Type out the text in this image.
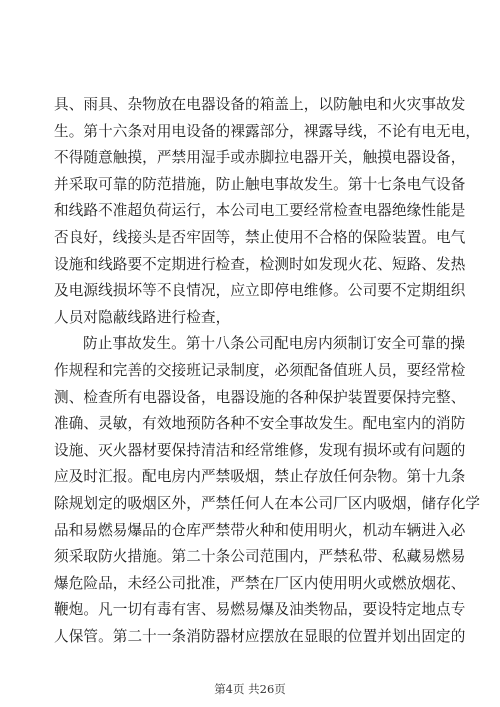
具、雨具、杂物放在电器设备的箱盖上，以防触电和火灾事故发
生。第十六条对用电设备的裸露部分，裸露导线，不论有电无电，
不得随意触摸，严禁用湿手或赤脚拉电器开关，触摸电器设备，
并采取可靠的防范措施，防止触电事故发生。第十七条电气设备
和线路不准超负荷运行，本公司电工要经常检查电器绝缘性能是
否良好，线接头是否牢固等，禁止使用不合格的保险装置。电气
设施和线路要不定期进行检查，检测时如发现火花、短路、发热
及电源线损坏等不良情况，应立即停电维修。公司要不定期组织
人员对隐蔽线路进行检查，
防止事故发生。第十八条公司配电房内须制订安全可靠的操
作规程和完善的交接班记录制度，必须配备值班人员，要经常检
测、检查所有电器设备，电器设施的各种保护装置要保持完整、
准确、灵敏，有效地预防各种不安全事故发生。配电室内的消防
设施、灭火器材要保持清洁和经常维修，发现有损坏或有问题的
应及时汇报。配电房内严禁吸烟，禁止存放任何杂物。第十九条
除规划定的吸烟区外，严禁任何人在本公司厂区内吸烟，储存化学
品和易燃易爆品的仓库严禁带火种和使用明火，机动车辆进入必
须采取防火措施。第二十条公司范围内，严禁私带、私藏易燃易
爆危险品，未经公司批准，严禁在厂区内使用明火或燃放烟花、
鞭炮。凡一切有毒有害、易燃易爆及油类物品，要设特定地点专
人保管。第二十一条消防器材应摆放在显眼的位置并划出固定的
第4页 共26页
